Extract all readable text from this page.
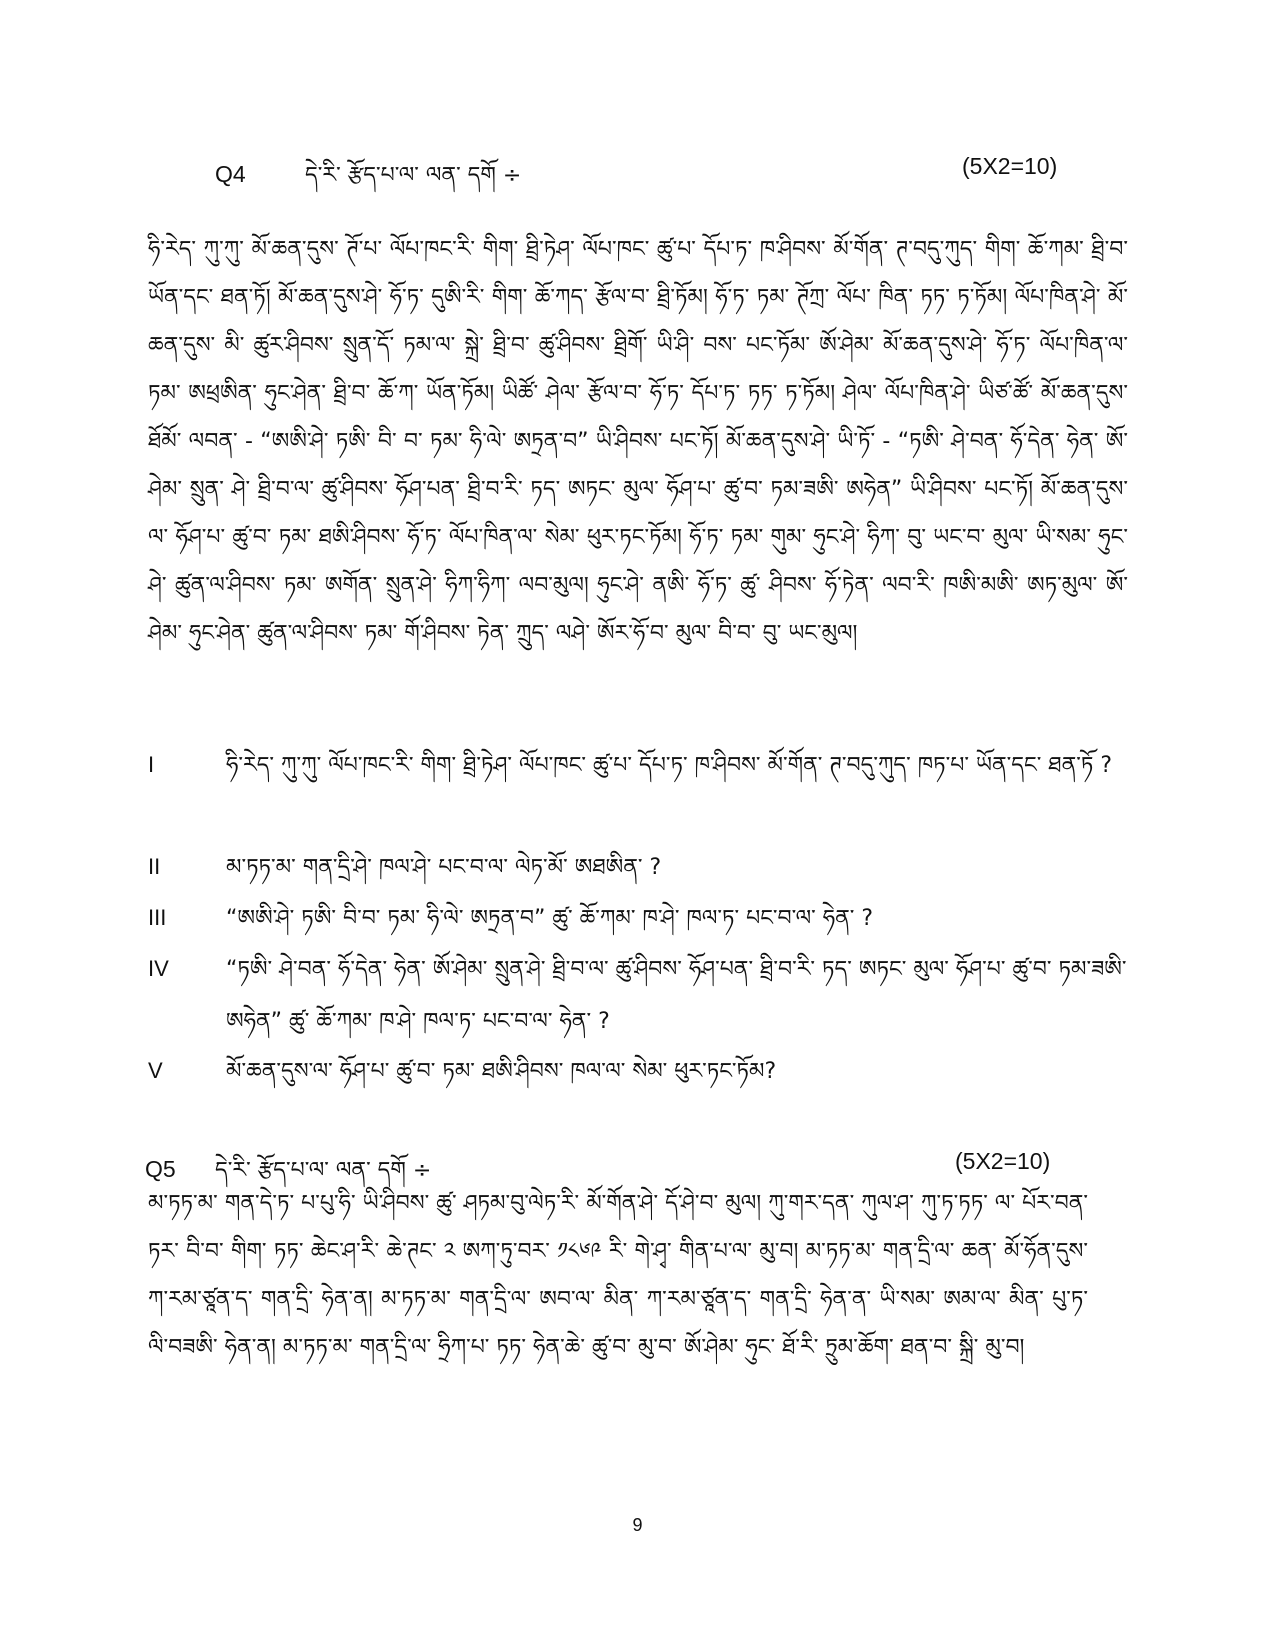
Q4	དེ་རི་ རྩོད་པ་ལ་ ལན་ དགོ ÷	(5X2=10)

ཧི་རེད་ ཀུ་ཀུ་ མོ་ཆན་དུས་ ཊོ་པ་ ལོཔ་ཁང་རི་ གིག་ ཐྲི་ཏེཤ་ ལོཔ་ཁང་ ཚུ་པ་ དོཔ་ཏ་ ཁ་ཤིབས་ མོ་གོན་ ཊ་བདུ་ཀུད་ གིག་ ཆོ་ཀམ་ ཐྲི་བ་ ཡོན་དང་ ཐན་ཏོ། མོ་ཆན་དུས་ཤེ་ ཧོ་ཏ་ དུཨི་རི་ གིག་ ཆོ་ཀད་ རྩོལ་བ་ ཐྲི་ཏོམ། ཧོ་ཏ་ ཏམ་ ཊོཀྲ་ ལོཔ་ ཁིན་ ཏཏ་ ཏ་ཏོམ། ལོཔ་ཁིན་ཤེ་ མོ་ཆན་དུས་ མི་ ཚུར་ཤིབས་ སྲུན་དོ་ ཏམ་ལ་ སྐྲེ་ ཐྲི་བ་ ཚུ་ཤིབས་ ཐྲིགོ་ ཡི་ཤི་ བས་ པང་ཏོམ་ ཨོ་ཤེམ་ མོ་ཆན་དུས་ཤེ་ ཧོ་ཏ་ ལོཔ་ཁིན་ལ་ ཏམ་ ཨཕྲཨིན་ ཧུང་ཤེན་ ཐྲི་བ་ ཆོ་ཀ་ ཡོན་ཏོམ། ཡིཚོ་ ཤེལ་ རྩོལ་བ་ ཧོ་ཏ་ དོཔ་ཏ་ ཏཏ་ ཏ་ཏོམ། ཤེལ་ ལོཔ་ཁིན་ཤེ་ ཡིཙ་ཚོ་ མོ་ཆན་དུས་ ཐོམོ་ ལབན་ - “ཨཨི་ཤེ་ ཏཨི་ བི་ བ་ ཏམ་ ཧི་ལེ་ ཨཏྲན་བ” ཡི་ཤིབས་ པང་ཏོ། མོ་ཆན་དུས་ཤེ་ ཡི་ཏོ་ - “ཏཨི་ ཤེ་བན་ ཧོ་དེན་ ཧེན་ ཨོ་ཤེམ་ སྲུན་ ཤེ་ ཐྲི་བ་ལ་ ཚུ་ཤིབས་ ཧོཤ་པན་ ཐྲི་བ་རི་ ཏད་ ཨཏང་ མུལ་ ཧོཤ་པ་ ཚུ་བ་ ཏམ་ཟཨི་ ཨཧེན” ཡི་ཤིབས་ པང་ཏོ། མོ་ཆན་དུས་ལ་ ཧོཤ་པ་ ཚུ་བ་ ཏམ་ ཐཨི་ཤིབས་ ཧོ་ཏ་ ལོཔ་ཁིན་ལ་ སེམ་ ཕུར་ཏང་ཏོམ། ཧོ་ཏ་ ཏམ་ གུམ་ ཧུང་ཤེ་ ཧིཀ་ བུ་ ཡང་བ་ མུལ་ ཡི་སམ་ ཧུང་ཤེ་ ཚུན་ལ་ཤིབས་ ཏམ་ ཨགོན་ སྲུན་ཤེ་ ཧིཀ་ཧིཀ་ ལབ་མུལ། ཧུང་ཤེ་ ནཨི་ ཧོ་ཏ་ ཚུ་ ཤིབས་ ཧོ་ཏེན་ ལབ་རི་ ཁཨི་མཨི་ ཨཏ་མུལ་ ཨོ་ཤེམ་ ཧུང་ཤེན་ ཚུན་ལ་ཤིབས་ ཏམ་ གོ་ཤིབས་ ཏེན་ ཀྲུད་ ལཤེ་ ཨོར་ཧོ་བ་ མུལ་ བི་བ་ བུ་ ཡང་མུལ།

I	ཧི་རེད་ ཀུ་ཀུ་ ལོཔ་ཁང་རི་ གིག་ ཐྲི་ཏེཤ་ ལོཔ་ཁང་ ཚུ་པ་ དོཔ་ཏ་ ཁ་ཤིབས་ མོ་གོན་ ཊ་བདུ་ཀུད་ ཁཏ་པ་ ཡོན་དང་ ཐན་ཏོ ?
II	མ་ཏཏ་མ་ གན་དྲི་ཤེ་ ཁལ་ཤེ་ པང་བ་ལ་ ལེཏ་མོ་ ཨཐཨིན་ ?
III	“ཨཨི་ཤེ་ ཏཨི་ བི་བ་ ཏམ་ ཧི་ལེ་ ཨཏྲན་བ” ཚུ་ ཆོ་ཀམ་ ཁ་ཤེ་ ཁལ་ཏ་ པང་བ་ལ་ ཧེན་ ?
IV	“ཏཨི་ ཤེ་བན་ ཧོ་དེན་ ཧེན་ ཨོ་ཤེམ་ སྲུན་ཤེ་ ཐྲི་བ་ལ་ ཚུ་ཤིབས་ ཧོཤ་པན་ ཐྲི་བ་རི་ ཏད་ ཨཏང་ མུལ་ ཧོཤ་པ་ ཚུ་བ་ ཏམ་ཟཨི་ ཨཧེན” ཚུ་ ཆོ་ཀམ་ ཁ་ཤེ་ ཁལ་ཏ་ པང་བ་ལ་ ཧེན་ ?
V	མོ་ཆན་དུས་ལ་ ཧོཤ་པ་ ཚུ་བ་ ཏམ་ ཐཨི་ཤིབས་ ཁལ་ལ་ སེམ་ ཕུར་ཏང་ཏོམ?
Q5	དེ་རི་ རྩོད་པ་ལ་ ལན་ དགོ ÷	(5X2=10)

མ་ཏཏ་མ་ གན་དེ་ཏ་ པ་པུ་ཧི་ ཡི་ཤིབས་ ཚུ་ ཤཏམ་བུ་ལེཏ་རི་ མོ་གོན་ཤེ་ དོ་ཤེ་བ་ མུལ། ཀུ་གར་དན་ ཀུལ་ཤ་ ཀུ་ཏ་ཏཏ་ ལ་ པོར་བན་ཏར་ བི་བ་ གིག་ ཏཏ་ ཆེང་ཤ་རི་ ཆེ་ཊང་ ༢ ཨཀ་ཏུ་བར་ ༡༨༦༩ རི་ གེ་ཤྭ་ གིན་པ་ལ་ མུ་བ། མ་ཏཏ་མ་ གན་དྲི་ལ་ ཆན་ མོ་ཧོན་དུས་ ཀ་རམ་ཙཱན་ད་ གན་དྲི་ ཧེན་ན། མ་ཏཏ་མ་ གན་དྲི་ལ་ ཨབ་ལ་ མིན་ ཀ་རམ་ཙཱན་ད་ གན་དྲི་ ཧེན་ན་ ཡི་སམ་ ཨམ་ལ་ མིན་ པུ་ཏ་ལི་བཟཨི་ ཧེན་ན། མ་ཏཏ་མ་ གན་དྲི་ལ་ ཧྲིཀ་པ་ ཏཏ་ ཧེན་ཆེ་ ཚུ་བ་ མུ་བ་ ཨོ་ཤེམ་ ཧུང་ ཐོ་རི་ ཏྲུམ་ཆོག་ ཐན་བ་ སྐྲི་ མུ་བ།

9
